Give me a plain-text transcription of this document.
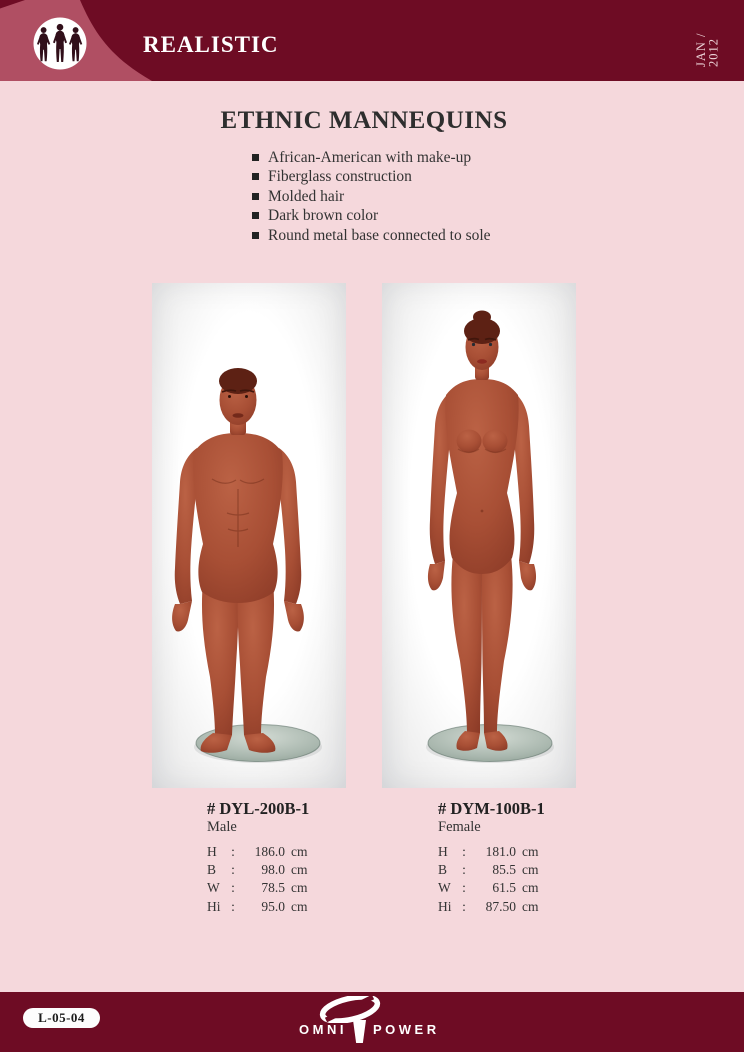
REALISTIC	JAN / 2012
ETHNIC MANNEQUINS
African-American with make-up
Fiberglass construction
Molded hair
Dark brown color
Round metal base connected to sole
# DYL-200B-1
Male
H	:	186.0 cm
B	:	98.0 cm
W :	78.5 cm
Hi :	95.0 cm
# DYM-100B-1
Female
H	:	181.0 cm
B	:	85.5 cm
W :	61.5 cm
Hi :	87.50 cm
L-05-04
OMNI POWER
